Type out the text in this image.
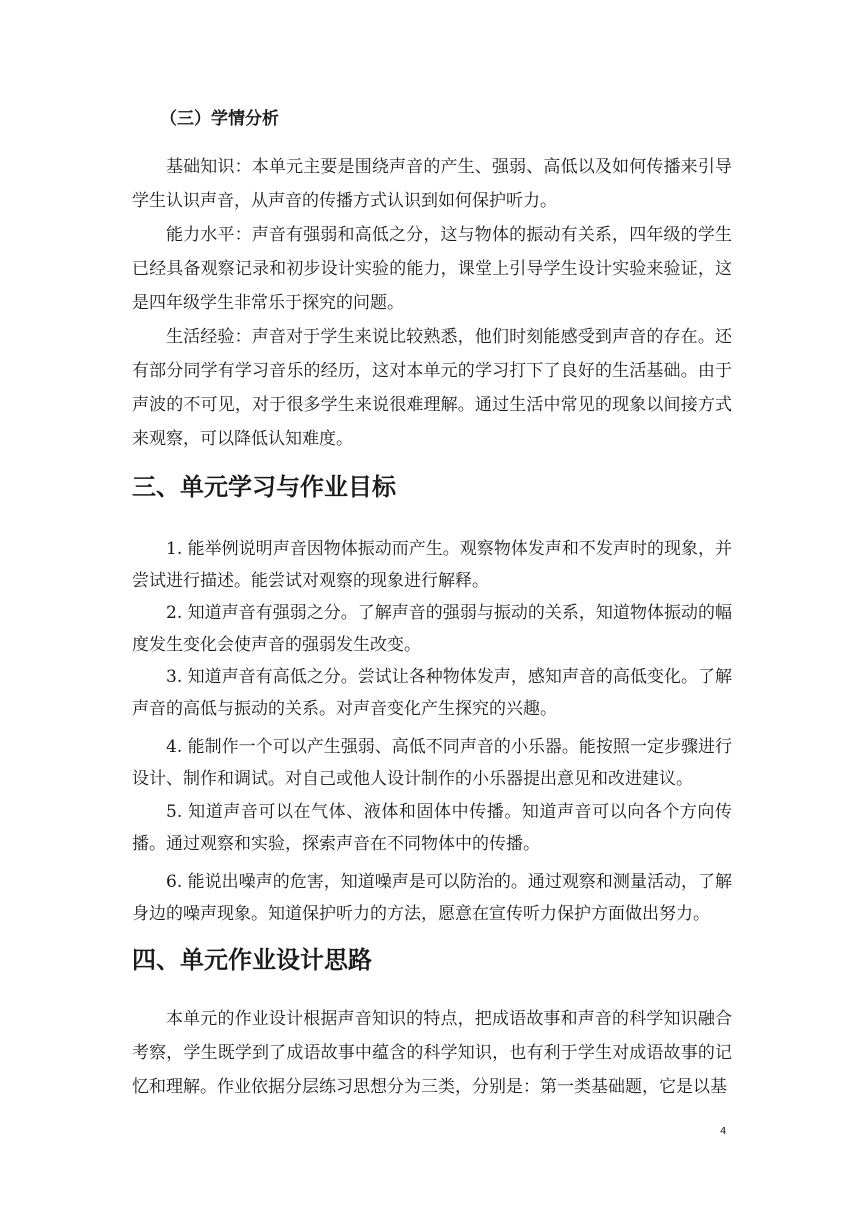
（三）学情分析

基础知识：本单元主要是围绕声音的产生、强弱、高低以及如何传播来引导学生认识声音，从声音的传播方式认识到如何保护听力。

能力水平：声音有强弱和高低之分，这与物体的振动有关系，四年级的学生已经具备观察记录和初步设计实验的能力，课堂上引导学生设计实验来验证，这是四年级学生非常乐于探究的问题。

生活经验：声音对于学生来说比较熟悉，他们时刻能感受到声音的存在。还有部分同学有学习音乐的经历，这对本单元的学习打下了良好的生活基础。由于声波的不可见，对于很多学生来说很难理解。通过生活中常见的现象以间接方式来观察，可以降低认知难度。

三、单元学习与作业目标

1. 能举例说明声音因物体振动而产生。观察物体发声和不发声时的现象，并尝试进行描述。能尝试对观察的现象进行解释。

2. 知道声音有强弱之分。了解声音的强弱与振动的关系，知道物体振动的幅度发生变化会使声音的强弱发生改变。

3. 知道声音有高低之分。尝试让各种物体发声，感知声音的高低变化。了解声音的高低与振动的关系。对声音变化产生探究的兴趣。

4. 能制作一个可以产生强弱、高低不同声音的小乐器。能按照一定步骤进行设计、制作和调试。对自己或他人设计制作的小乐器提出意见和改进建议。

5. 知道声音可以在气体、液体和固体中传播。知道声音可以向各个方向传播。通过观察和实验，探索声音在不同物体中的传播。

6. 能说出噪声的危害，知道噪声是可以防治的。通过观察和测量活动，了解身边的噪声现象。知道保护听力的方法，愿意在宣传听力保护方面做出努力。

四、单元作业设计思路

本单元的作业设计根据声音知识的特点，把成语故事和声音的科学知识融合考察，学生既学到了成语故事中蕴含的科学知识，也有利于学生对成语故事的记忆和理解。作业依据分层练习思想分为三类，分别是：第一类基础题，它是以基

4
